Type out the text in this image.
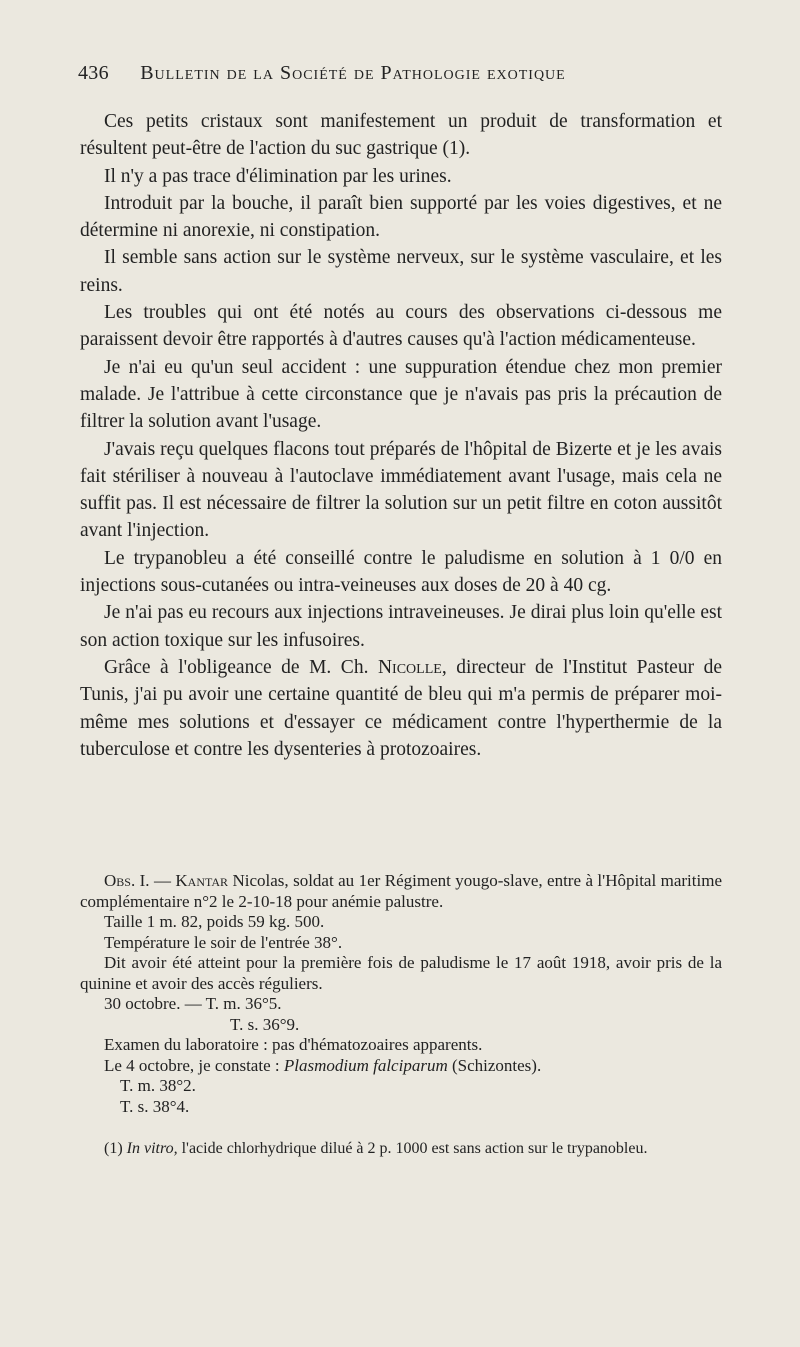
436 Bulletin de la Société de Pathologie exotique

Ces petits cristaux sont manifestement un produit de transformation et résultent peut-être de l'action du suc gastrique (1).

Il n'y a pas trace d'élimination par les urines.

Introduit par la bouche, il paraît bien supporté par les voies digestives, et ne détermine ni anorexie, ni constipation.

Il semble sans action sur le système nerveux, sur le système vasculaire, et les reins.

Les troubles qui ont été notés au cours des observations ci-dessous me paraissent devoir être rapportés à d'autres causes qu'à l'action médicamenteuse.

Je n'ai eu qu'un seul accident : une suppuration étendue chez mon premier malade. Je l'attribue à cette circonstance que je n'avais pas pris la précaution de filtrer la solution avant l'usage.

J'avais reçu quelques flacons tout préparés de l'hôpital de Bizerte et je les avais fait stériliser à nouveau à l'autoclave immédiatement avant l'usage, mais cela ne suffit pas. Il est nécessaire de filtrer la solution sur un petit filtre en coton aussitôt avant l'injection.

Le trypanobleu a été conseillé contre le paludisme en solution à 1 0/0 en injections sous-cutanées ou intra-veineuses aux doses de 20 à 40 cg.

Je n'ai pas eu recours aux injections intraveineuses. Je dirai plus loin qu'elle est son action toxique sur les infusoires.

Grâce à l'obligeance de M. Ch. Nicolle, directeur de l'Institut Pasteur de Tunis, j'ai pu avoir une certaine quantité de bleu qui m'a permis de préparer moi-même mes solutions et d'essayer ce médicament contre l'hyperthermie de la tuberculose et contre les dysenteries à protozoaires.

Obs. I. — Kantar Nicolas, soldat au 1er Régiment yougo-slave, entre à l'Hôpital maritime complémentaire n°2 le 2-10-18 pour anémie palustre.

Taille 1 m. 82, poids 59 kg. 500.

Température le soir de l'entrée 38°.

Dit avoir été atteint pour la première fois de paludisme le 17 août 1918, avoir pris de la quinine et avoir des accès réguliers.

30 octobre. — T. m. 36°5.

T. s. 36°9.

Examen du laboratoire : pas d'hématozoaires apparents.

Le 4 octobre, je constate : Plasmodium falciparum (Schizontes).

T. m. 38°2.

T. s. 38°4.

(1) In vitro, l'acide chlorhydrique dilué à 2 p. 1000 est sans action sur le trypanobleu.
